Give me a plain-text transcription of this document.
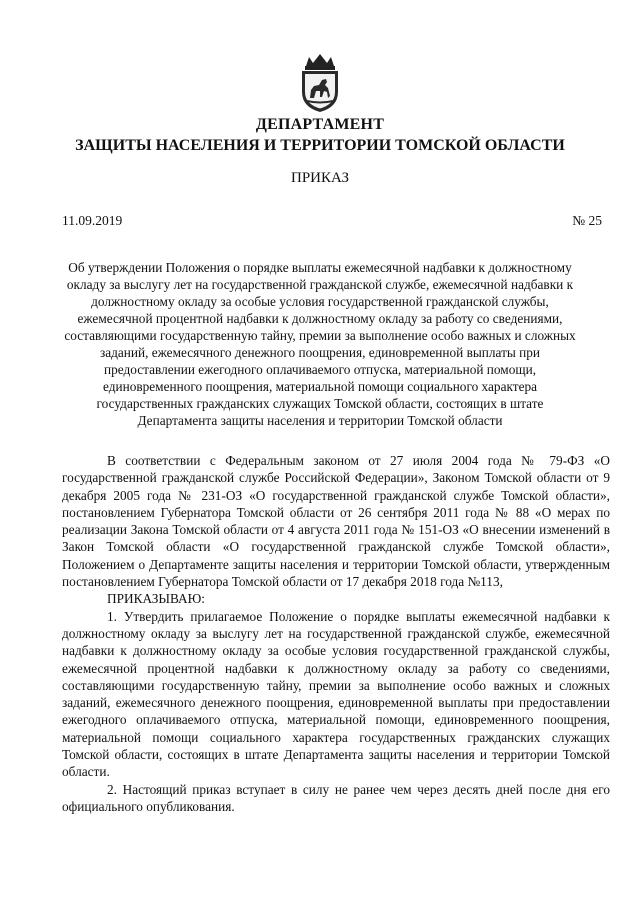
ДЕПАРТАМЕНТ
ЗАЩИТЫ НАСЕЛЕНИЯ И ТЕРРИТОРИИ ТОМСКОЙ ОБЛАСТИ
ПРИКАЗ
11.09.2019	№ 25
Об утверждении Положения о порядке выплаты ежемесячной надбавки к должностному окладу за выслугу лет на государственной гражданской службе, ежемесячной надбавки к должностному окладу за особые условия государственной гражданской службы, ежемесячной процентной надбавки к должностному окладу за работу со сведениями, составляющими государственную тайну, премии за выполнение особо важных и сложных заданий, ежемесячного денежного поощрения, единовременной выплаты при предоставлении ежегодного оплачиваемого отпуска, материальной помощи, единовременного поощрения, материальной помощи социального характера государственных гражданских служащих Томской области, состоящих в штате Департамента защиты населения и территории Томской области

В соответствии с Федеральным законом от 27 июля 2004 года № 79-ФЗ «О государственной гражданской службе Российской Федерации», Законом Томской области от 9 декабря 2005 года № 231-ОЗ «О государственной гражданской службе Томской области», постановлением Губернатора Томской области от 26 сентября 2011 года № 88 «О мерах по реализации Закона Томской области от 4 августа 2011 года № 151-ОЗ «О внесении изменений в Закон Томской области «О государственной гражданской службе Томской области», Положением о Департаменте защиты населения и территории Томской области, утвержденным постановлением Губернатора Томской области от 17 декабря 2018 года №113,

ПРИКАЗЫВАЮ:

1. Утвердить прилагаемое Положение о порядке выплаты ежемесячной надбавки к должностному окладу за выслугу лет на государственной гражданской службе, ежемесячной надбавки к должностному окладу за особые условия государственной гражданской службы, ежемесячной процентной надбавки к должностному окладу за работу со сведениями, составляющими государственную тайну, премии за выполнение особо важных и сложных заданий, ежемесячного денежного поощрения, единовременной выплаты при предоставлении ежегодного оплачиваемого отпуска, материальной помощи, единовременного поощрения, материальной помощи социального характера государственных гражданских служащих Томской области, состоящих в штате Департамента защиты населения и территории Томской области.

2. Настоящий приказ вступает в силу не ранее чем через десять дней после дня его официального опубликования.
